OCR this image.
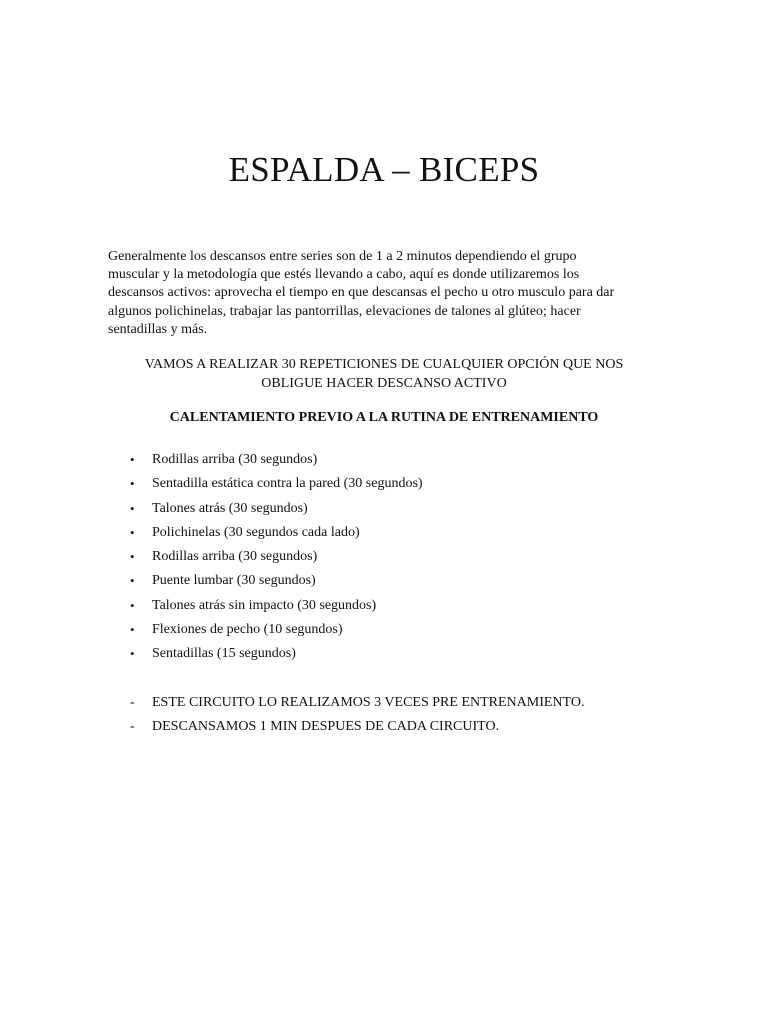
ESPALDA – BICEPS

Generalmente los descansos entre series son de 1 a 2 minutos dependiendo el grupo
muscular y la metodología que estés llevando a cabo, aquí es donde utilizaremos los
descansos activos: aprovecha el tiempo en que descansas el pecho u otro musculo para dar
algunos polichinelas, trabajar las pantorrillas, elevaciones de talones al glúteo; hacer
sentadillas y más.

VAMOS A REALIZAR 30 REPETICIONES DE CUALQUIER OPCIÓN QUE NOS
OBLIGUE HACER DESCANSO ACTIVO

CALENTAMIENTO PREVIO A LA RUTINA DE ENTRENAMIENTO
• Rodillas arriba (30 segundos)
• Sentadilla estática contra la pared (30 segundos)
• Talones atrás (30 segundos)
• Polichinelas (30 segundos cada lado)
• Rodillas arriba (30 segundos)
• Puente lumbar (30 segundos)
• Talones atrás sin impacto (30 segundos)
• Flexiones de pecho (10 segundos)
• Sentadillas (15 segundos)
- ESTE CIRCUITO LO REALIZAMOS 3 VECES PRE ENTRENAMIENTO.
- DESCANSAMOS 1 MIN DESPUES DE CADA CIRCUITO.
